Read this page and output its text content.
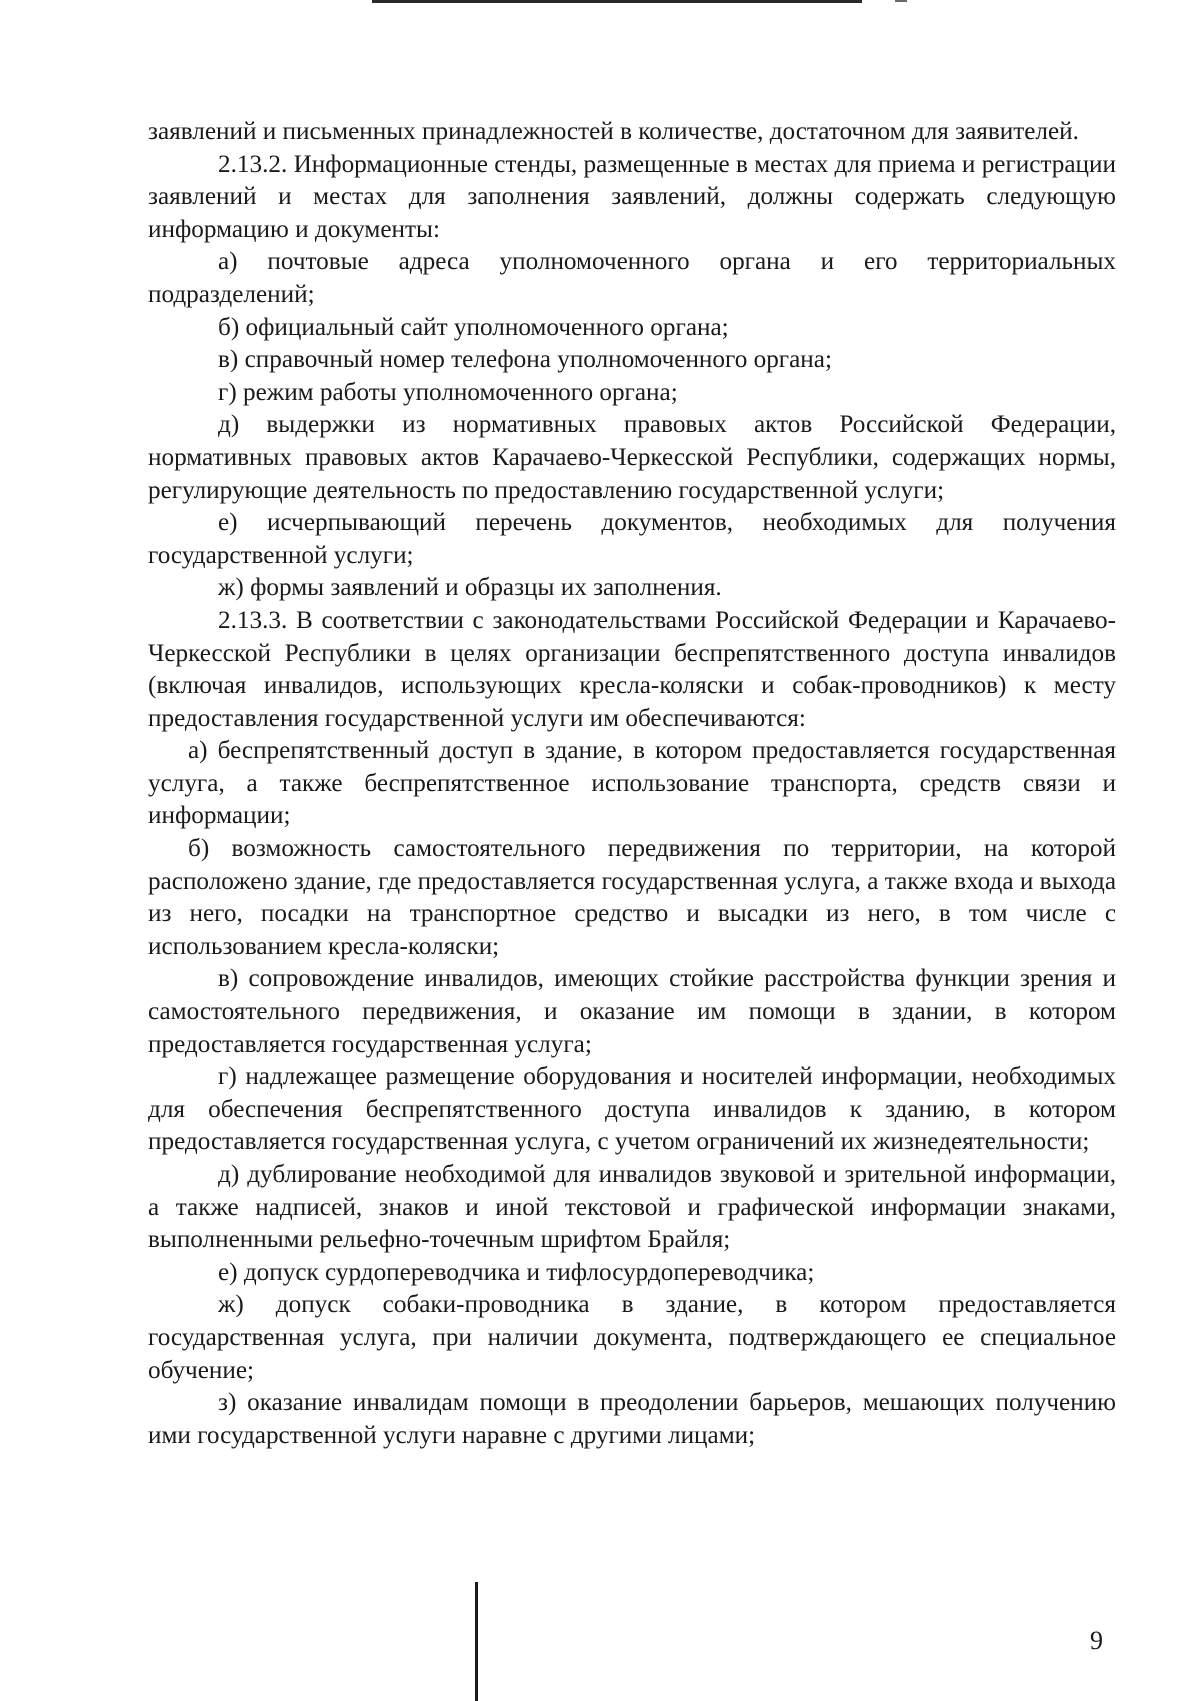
заявлений и письменных принадлежностей в количестве, достаточном для заявителей.

2.13.2. Информационные стенды, размещенные в местах для приема и регистрации заявлений и местах для заполнения заявлений, должны содержать следующую информацию и документы:

а) почтовые адреса уполномоченного органа и его территориальных подразделений;

б) официальный сайт уполномоченного органа;

в) справочный номер телефона уполномоченного органа;

г) режим работы уполномоченного органа;

д) выдержки из нормативных правовых актов Российской Федерации, нормативных правовых актов Карачаево-Черкесской Республики, содержащих нормы, регулирующие деятельность по предоставлению государственной услуги;

е) исчерпывающий перечень документов, необходимых для получения государственной услуги;

ж) формы заявлений и образцы их заполнения.

2.13.3. В соответствии с законодательствами Российской Федерации и Карачаево-Черкесской Республики в целях организации беспрепятственного доступа инвалидов (включая инвалидов, использующих кресла-коляски и собак-проводников) к месту предоставления государственной услуги им обеспечиваются:

а) беспрепятственный доступ в здание, в котором предоставляется государственная услуга, а также беспрепятственное использование транспорта, средств связи и информации;

б) возможность самостоятельного передвижения по территории, на которой расположено здание, где предоставляется государственная услуга, а также входа и выхода из него, посадки на транспортное средство и высадки из него, в том числе с использованием кресла-коляски;

в) сопровождение инвалидов, имеющих стойкие расстройства функции зрения и самостоятельного передвижения, и оказание им помощи в здании, в котором предоставляется государственная услуга;

г) надлежащее размещение оборудования и носителей информации, необходимых для обеспечения беспрепятственного доступа инвалидов к зданию, в котором предоставляется государственная услуга, с учетом ограничений их жизнедеятельности;

д) дублирование необходимой для инвалидов звуковой и зрительной информации, а также надписей, знаков и иной текстовой и графической информации знаками, выполненными рельефно-точечным шрифтом Брайля;

е) допуск сурдопереводчика и тифлосурдопереводчика;

ж) допуск собаки-проводника в здание, в котором предоставляется государственная услуга, при наличии документа, подтверждающего ее специальное обучение;

з) оказание инвалидам помощи в преодолении барьеров, мешающих получению ими государственной услуги наравне с другими лицами;

9
